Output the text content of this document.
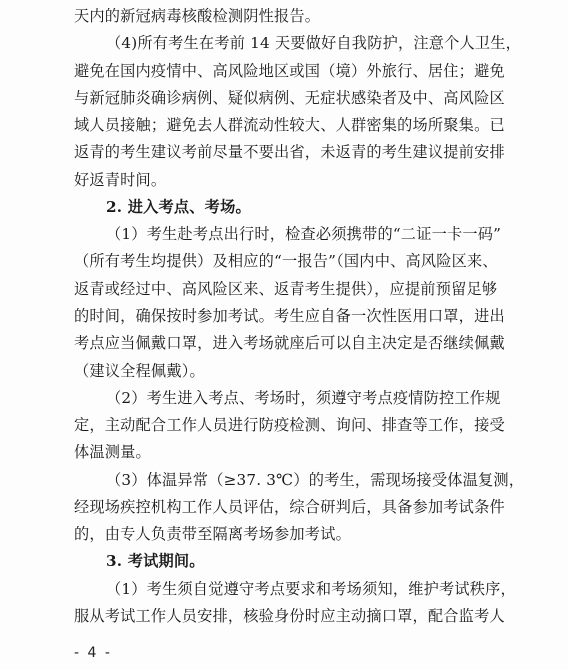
天内的新冠病毒核酸检测阴性报告。
（4)所有考生在考前 14 天要做好自我防护，注意个人卫生，
避免在国内疫情中、高风险地区或国（境）外旅行、居住；避免
与新冠肺炎确诊病例、疑似病例、无症状感染者及中、高风险区
域人员接触；避免去人群流动性较大、人群密集的场所聚集。已
返青的考生建议考前尽量不要出省，未返青的考生建议提前安排
好返青时间。
2. 进入考点、考场。
（1）考生赴考点出行时，检查必须携带的“二证一卡一码”
（所有考生均提供）及相应的“一报告”（国内中、高风险区来、
返青或经过中、高风险区来、返青考生提供），应提前预留足够
的时间，确保按时参加考试。考生应自备一次性医用口罩，进出
考点应当佩戴口罩，进入考场就座后可以自主决定是否继续佩戴
（建议全程佩戴）。
（2）考生进入考点、考场时，须遵守考点疫情防控工作规
定，主动配合工作人员进行防疫检测、询问、排查等工作，接受
体温测量。
（3）体温异常（≥37. 3℃）的考生，需现场接受体温复测，
经现场疾控机构工作人员评估，综合研判后，具备参加考试条件
的，由专人负责带至隔离考场参加考试。
3. 考试期间。
（1）考生须自觉遵守考点要求和考场须知，维护考试秩序，
服从考试工作人员安排，核验身份时应主动摘口罩，配合监考人
- 4 -
